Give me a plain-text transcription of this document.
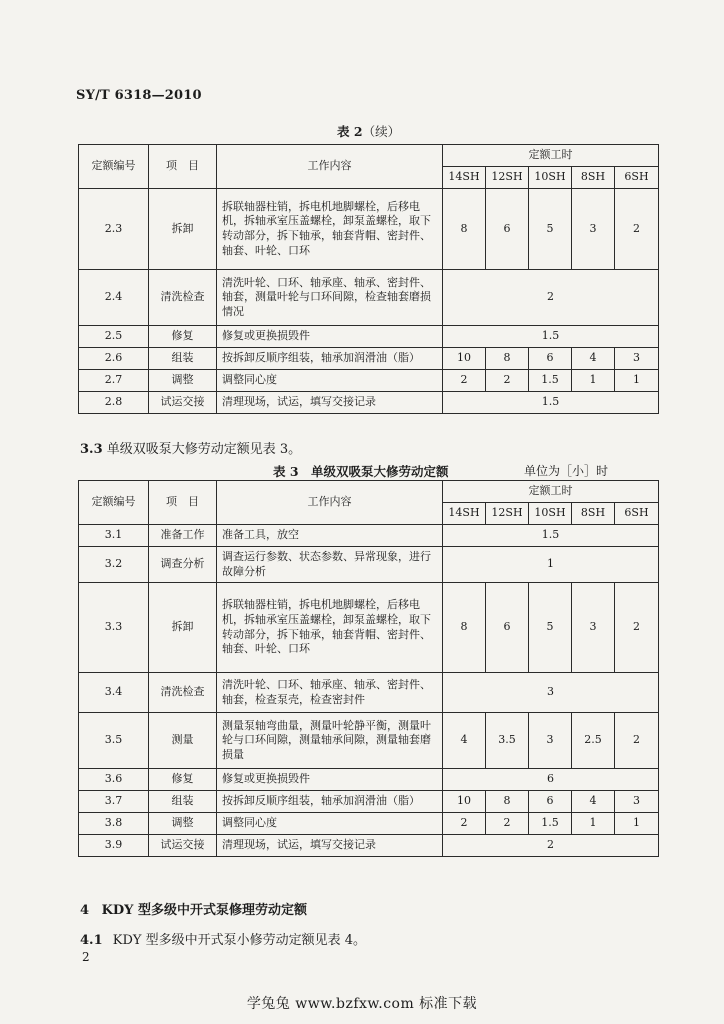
SY/T 6318—2010
表 2（续）
定额编号	项　目	工作内容	定额工时				
			14SH	12SH	10SH	8SH	6SH
2.3	拆卸	拆联轴器柱销，拆电机地脚螺栓，后移电机，拆轴承室压盖螺栓，卸泵盖螺栓，取下转动部分，拆下轴承，轴套背帽、密封件、轴套、叶轮、口环	8	6	5	3	2
2.4	清洗检查	清洗叶轮、口环、轴承座、轴承、密封件、轴套，测量叶轮与口环间隙，检查轴套磨损情况	2				
2.5	修复	修复或更换损毁件	1.5				
2.6	组装	按拆卸反顺序组装，轴承加润滑油（脂）	10	8	6	4	3
2.7	调整	调整同心度	2	2	1.5	1	1
2.8	试运交接	清理现场，试运，填写交接记录	1.5				
3.3 单级双吸泵大修劳动定额见表 3。
表 3　单级双吸泵大修劳动定额	单位为［小］时
定额编号	项　目	工作内容	定额工时				
			14SH	12SH	10SH	8SH	6SH
3.1	准备工作	准备工具，放空	1.5				
3.2	调查分析	调查运行参数、状态参数、异常现象，进行故障分析	1				
3.3	拆卸	拆联轴器柱销，拆电机地脚螺栓，后移电机，拆轴承室压盖螺栓，卸泵盖螺栓，取下转动部分，拆下轴承，轴套背帽、密封件、轴套、叶轮、口环	8	6	5	3	2
3.4	清洗检查	清洗叶轮、口环、轴承座、轴承、密封件、轴套，检查泵壳，检查密封件	3				
3.5	测量	测量泵轴弯曲量，测量叶轮静平衡，测量叶轮与口环间隙，测量轴承间隙，测量轴套磨损量	4	3.5	3	2.5	2
3.6	修复	修复或更换损毁件	6				
3.7	组装	按拆卸反顺序组装，轴承加润滑油（脂）	10	8	6	4	3
3.8	调整	调整同心度	2	2	1.5	1	1
3.9	试运交接	清理现场，试运，填写交接记录	2				
4 KDY 型多级中开式泵修理劳动定额
4.1 KDY 型多级中开式泵小修劳动定额见表 4。
2
学兔兔 www.bzfxw.com 标准下载
